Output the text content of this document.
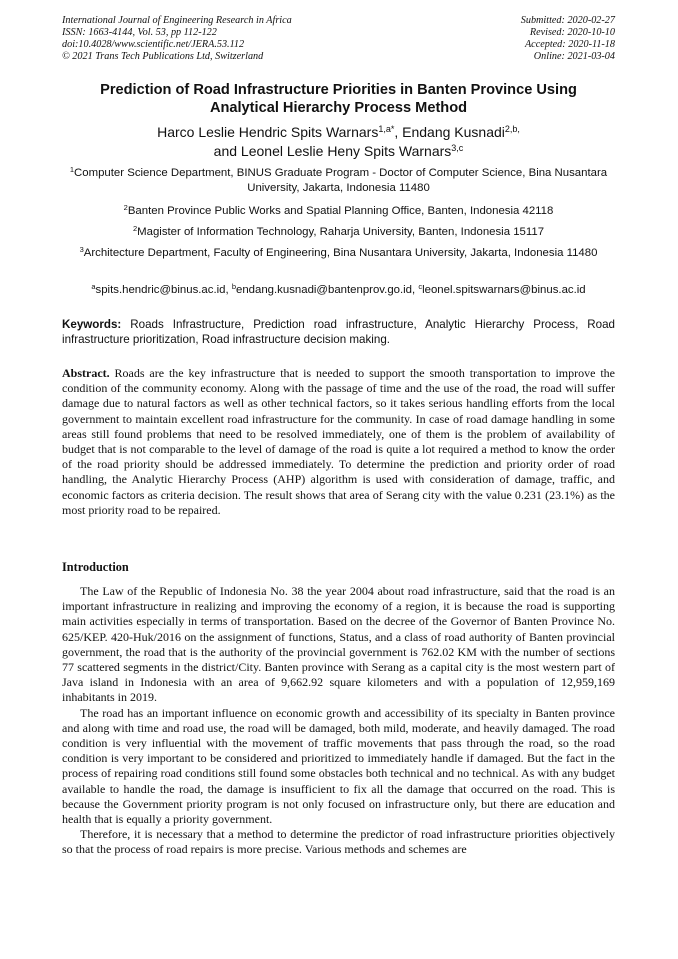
International Journal of Engineering Research in Africa
ISSN: 1663-4144, Vol. 53, pp 112-122
doi:10.4028/www.scientific.net/JERA.53.112
© 2021 Trans Tech Publications Ltd, Switzerland
Submitted: 2020-02-27
Revised: 2020-10-10
Accepted: 2020-11-18
Online: 2021-03-04
Prediction of Road Infrastructure Priorities in Banten Province Using
Analytical Hierarchy Process Method
Harco Leslie Hendric Spits Warnars$^{1,a*}$, Endang Kusnadi$^{2,b,}$
and Leonel Leslie Heny Spits Warnars$^{3,c}$
$^1$Computer Science Department, BINUS Graduate Program - Doctor of Computer Science, Bina Nusantara University, Jakarta, Indonesia 11480
$^2$Banten Province Public Works and Spatial Planning Office, Banten, Indonesia 42118
$^2$Magister of Information Technology, Raharja University, Banten, Indonesia 15117
$^3$Architecture Department, Faculty of Engineering, Bina Nusantara University, Jakarta, Indonesia 11480
$^a$spits.hendric@binus.ac.id, $^b$endang.kusnadi@bantenprov.go.id, $^c$leonel.spitswarnars@binus.ac.id
Keywords: Roads Infrastructure, Prediction road infrastructure, Analytic Hierarchy Process, Road infrastructure prioritization, Road infrastructure decision making.

Abstract. Roads are the key infrastructure that is needed to support the smooth transportation to improve the condition of the community economy. Along with the passage of time and the use of the road, the road will suffer damage due to natural factors as well as other technical factors, so it takes serious handling efforts from the local government to maintain excellent road infrastructure for the community. In case of road damage handling in some areas still found problems that need to be resolved immediately, one of them is the problem of availability of budget that is not comparable to the level of damage of the road is quite a lot required a method to know the order of the road priority should be addressed immediately. To determine the prediction and priority order of road handling, the Analytic Hierarchy Process (AHP) algorithm is used with consideration of damage, traffic, and economic factors as criteria decision. The result shows that area of Serang city with the value 0.231 (23.1%) as the most priority road to be repaired.

Introduction

The Law of the Republic of Indonesia No. 38 the year 2004 about road infrastructure, said that the road is an important infrastructure in realizing and improving the economy of a region, it is because the road is supporting main activities especially in terms of transportation. Based on the decree of the Governor of Banten Province No. 625/KEP. 420-Huk/2016 on the assignment of functions, Status, and a class of road authority of Banten provincial government, the road that is the authority of the provincial government is 762.02 KM with the number of sections 77 scattered segments in the district/City. Banten province with Serang as a capital city is the most western part of Java island in Indonesia with an area of 9,662.92 square kilometers and with a population of 12,959,169 inhabitants in 2019.

The road has an important influence on economic growth and accessibility of its specialty in Banten province and along with time and road use, the road will be damaged, both mild, moderate, and heavily damaged. The road condition is very influential with the movement of traffic movements that pass through the road, so the road condition is very important to be considered and prioritized to immediately handle if damaged. But the fact in the process of repairing road conditions still found some obstacles both technical and no technical. As with any budget available to handle the road, the damage is insufficient to fix all the damage that occurred on the road. This is because the Government priority program is not only focused on infrastructure only, but there are education and health that is equally a priority government.

Therefore, it is necessary that a method to determine the predictor of road infrastructure priorities objectively so that the process of road repairs is more precise. Various methods and schemes are
